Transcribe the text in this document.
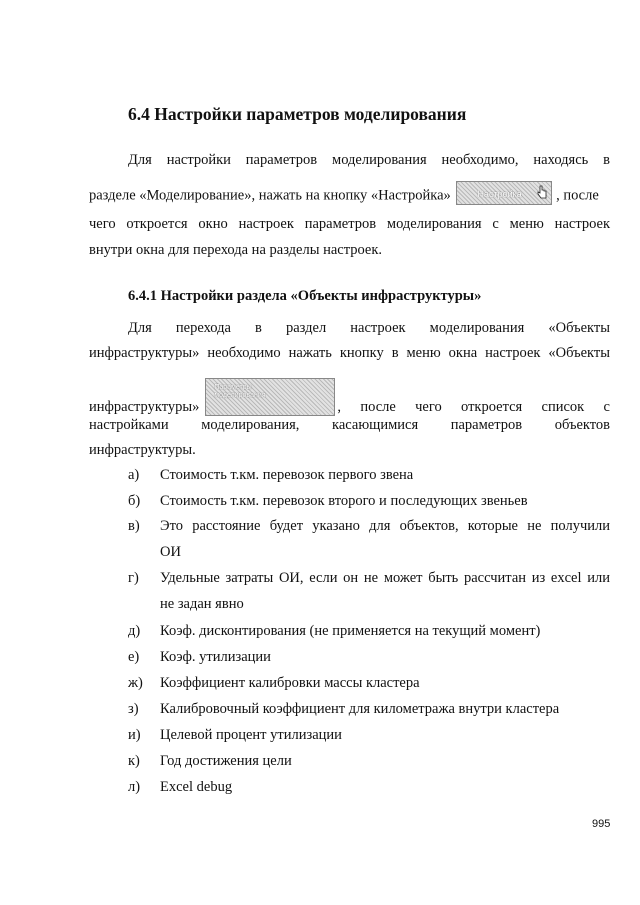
6.4 Настройки параметров моделирования
Для настройки параметров моделирования необходимо, находясь в
разделе «Моделирование», нажать на кнопку «Настройка»	Настройка , после
чего откроется окно настроек параметров моделирования с меню настроек
внутри окна для перехода на разделы настроек.
6.4.1 Настройки раздела «Объекты инфраструктуры»
Для перехода в раздел настроек моделирования «Объекты
инфраструктуры» необходимо нажать кнопку в меню окна настроек «Объекты
инфраструктуры»
Параметры
моделирования
, после чего откроется список с
настройками моделирования, касающимися параметров объектов
инфраструктуры.
а) Стоимость т.км. перевозок первого звена
б) Стоимость т.км. перевозок второго и последующих звеньев
в) Это расстояние будет указано для объектов, которые не получили
ОИ
г) Удельные затраты ОИ, если он не может быть рассчитан из excel или
не задан явно
д) Коэф. дисконтирования (не применяется на текущий момент)
е) Коэф. утилизации
ж) Коэффициент калибровки массы кластера
з) Калибровочный коэффициент для километража внутри кластера
и) Целевой процент утилизации
к) Год достижения цели
л) Excel debug
995
